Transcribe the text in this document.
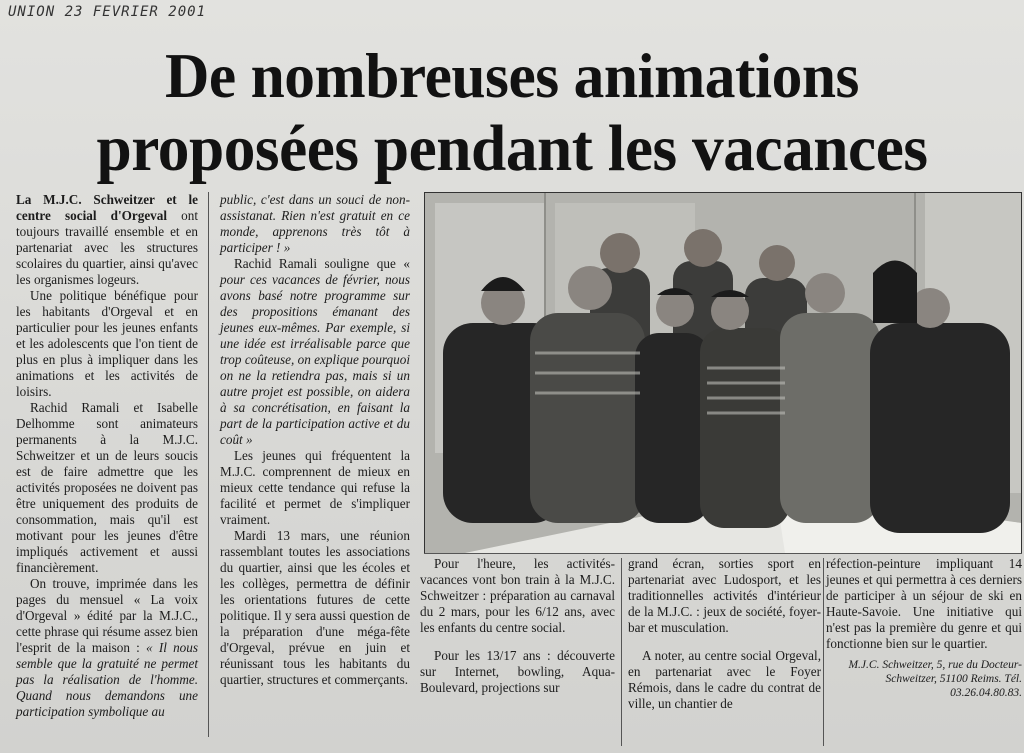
UNION 23 FEVRIER 2001
De nombreuses animations
proposées pendant les vacances

La M.J.C. Schweitzer et le centre social d'Orgeval ont toujours travaillé ensemble et en partenariat avec les structures scolaires du quartier, ainsi qu'avec les organismes logeurs.

Une politique bénéfique pour les habitants d'Orgeval et en particulier pour les jeunes enfants et les adolescents que l'on tient de plus en plus à impliquer dans les animations et les activités de loisirs.

Rachid Ramali et Isabelle Delhomme sont animateurs permanents à la M.J.C. Schweitzer et un de leurs soucis est de faire admettre que les activités proposées ne doivent pas être uniquement des produits de consommation, mais qu'il est motivant pour les jeunes d'être impliqués activement et aussi financièrement.

On trouve, imprimée dans les pages du mensuel « La voix d'Orgeval » édité par la M.J.C., cette phrase qui résume assez bien l'esprit de la maison : « Il nous semble que la gratuité ne permet pas la réalisation de l'homme. Quand nous demandons une participation symbolique au

public, c'est dans un souci de non-assistanat. Rien n'est gratuit en ce monde, apprenons très tôt à participer ! »

Rachid Ramali souligne que « pour ces vacances de février, nous avons basé notre programme sur des propositions émanant des jeunes eux-mêmes. Par exemple, si une idée est irréalisable parce que trop coûteuse, on explique pourquoi on ne la retiendra pas, mais si un autre projet est possible, on aidera à sa concrétisation, en faisant la part de la participation active et du coût »

Les jeunes qui fréquentent la M.J.C. comprennent de mieux en mieux cette tendance qui refuse la facilité et permet de s'impliquer vraiment.

Mardi 13 mars, une réunion rassemblant toutes les associations du quartier, ainsi que les écoles et les collèges, permettra de définir les orientations futures de cette politique. Il y sera aussi question de la préparation d'une méga-fête d'Orgeval, prévue en juin et réunissant tous les habitants du quartier, structures et commerçants.

Pour l'heure, les activités-vacances vont bon train à la M.J.C. Schweitzer : préparation au carnaval du 2 mars, pour les 6/12 ans, avec les enfants du centre social.

Pour les 13/17 ans : découverte sur Internet, bowling, Aqua-Boulevard, projections sur

grand écran, sorties sport en partenariat avec Ludosport, et les traditionnelles activités d'intérieur de la M.J.C. : jeux de société, foyer-bar et musculation.

A noter, au centre social Orgeval, en partenariat avec le Foyer Rémois, dans le cadre du contrat de ville, un chantier de

réfection-peinture impliquant 14 jeunes et qui permettra à ces derniers de participer à un séjour de ski en Haute-Savoie. Une initiative qui n'est pas la première du genre et qui fonctionne bien sur le quartier.

M.J.C. Schweitzer, 5, rue du Docteur-Schweitzer, 51100 Reims. Tél. 03.26.04.80.83.
